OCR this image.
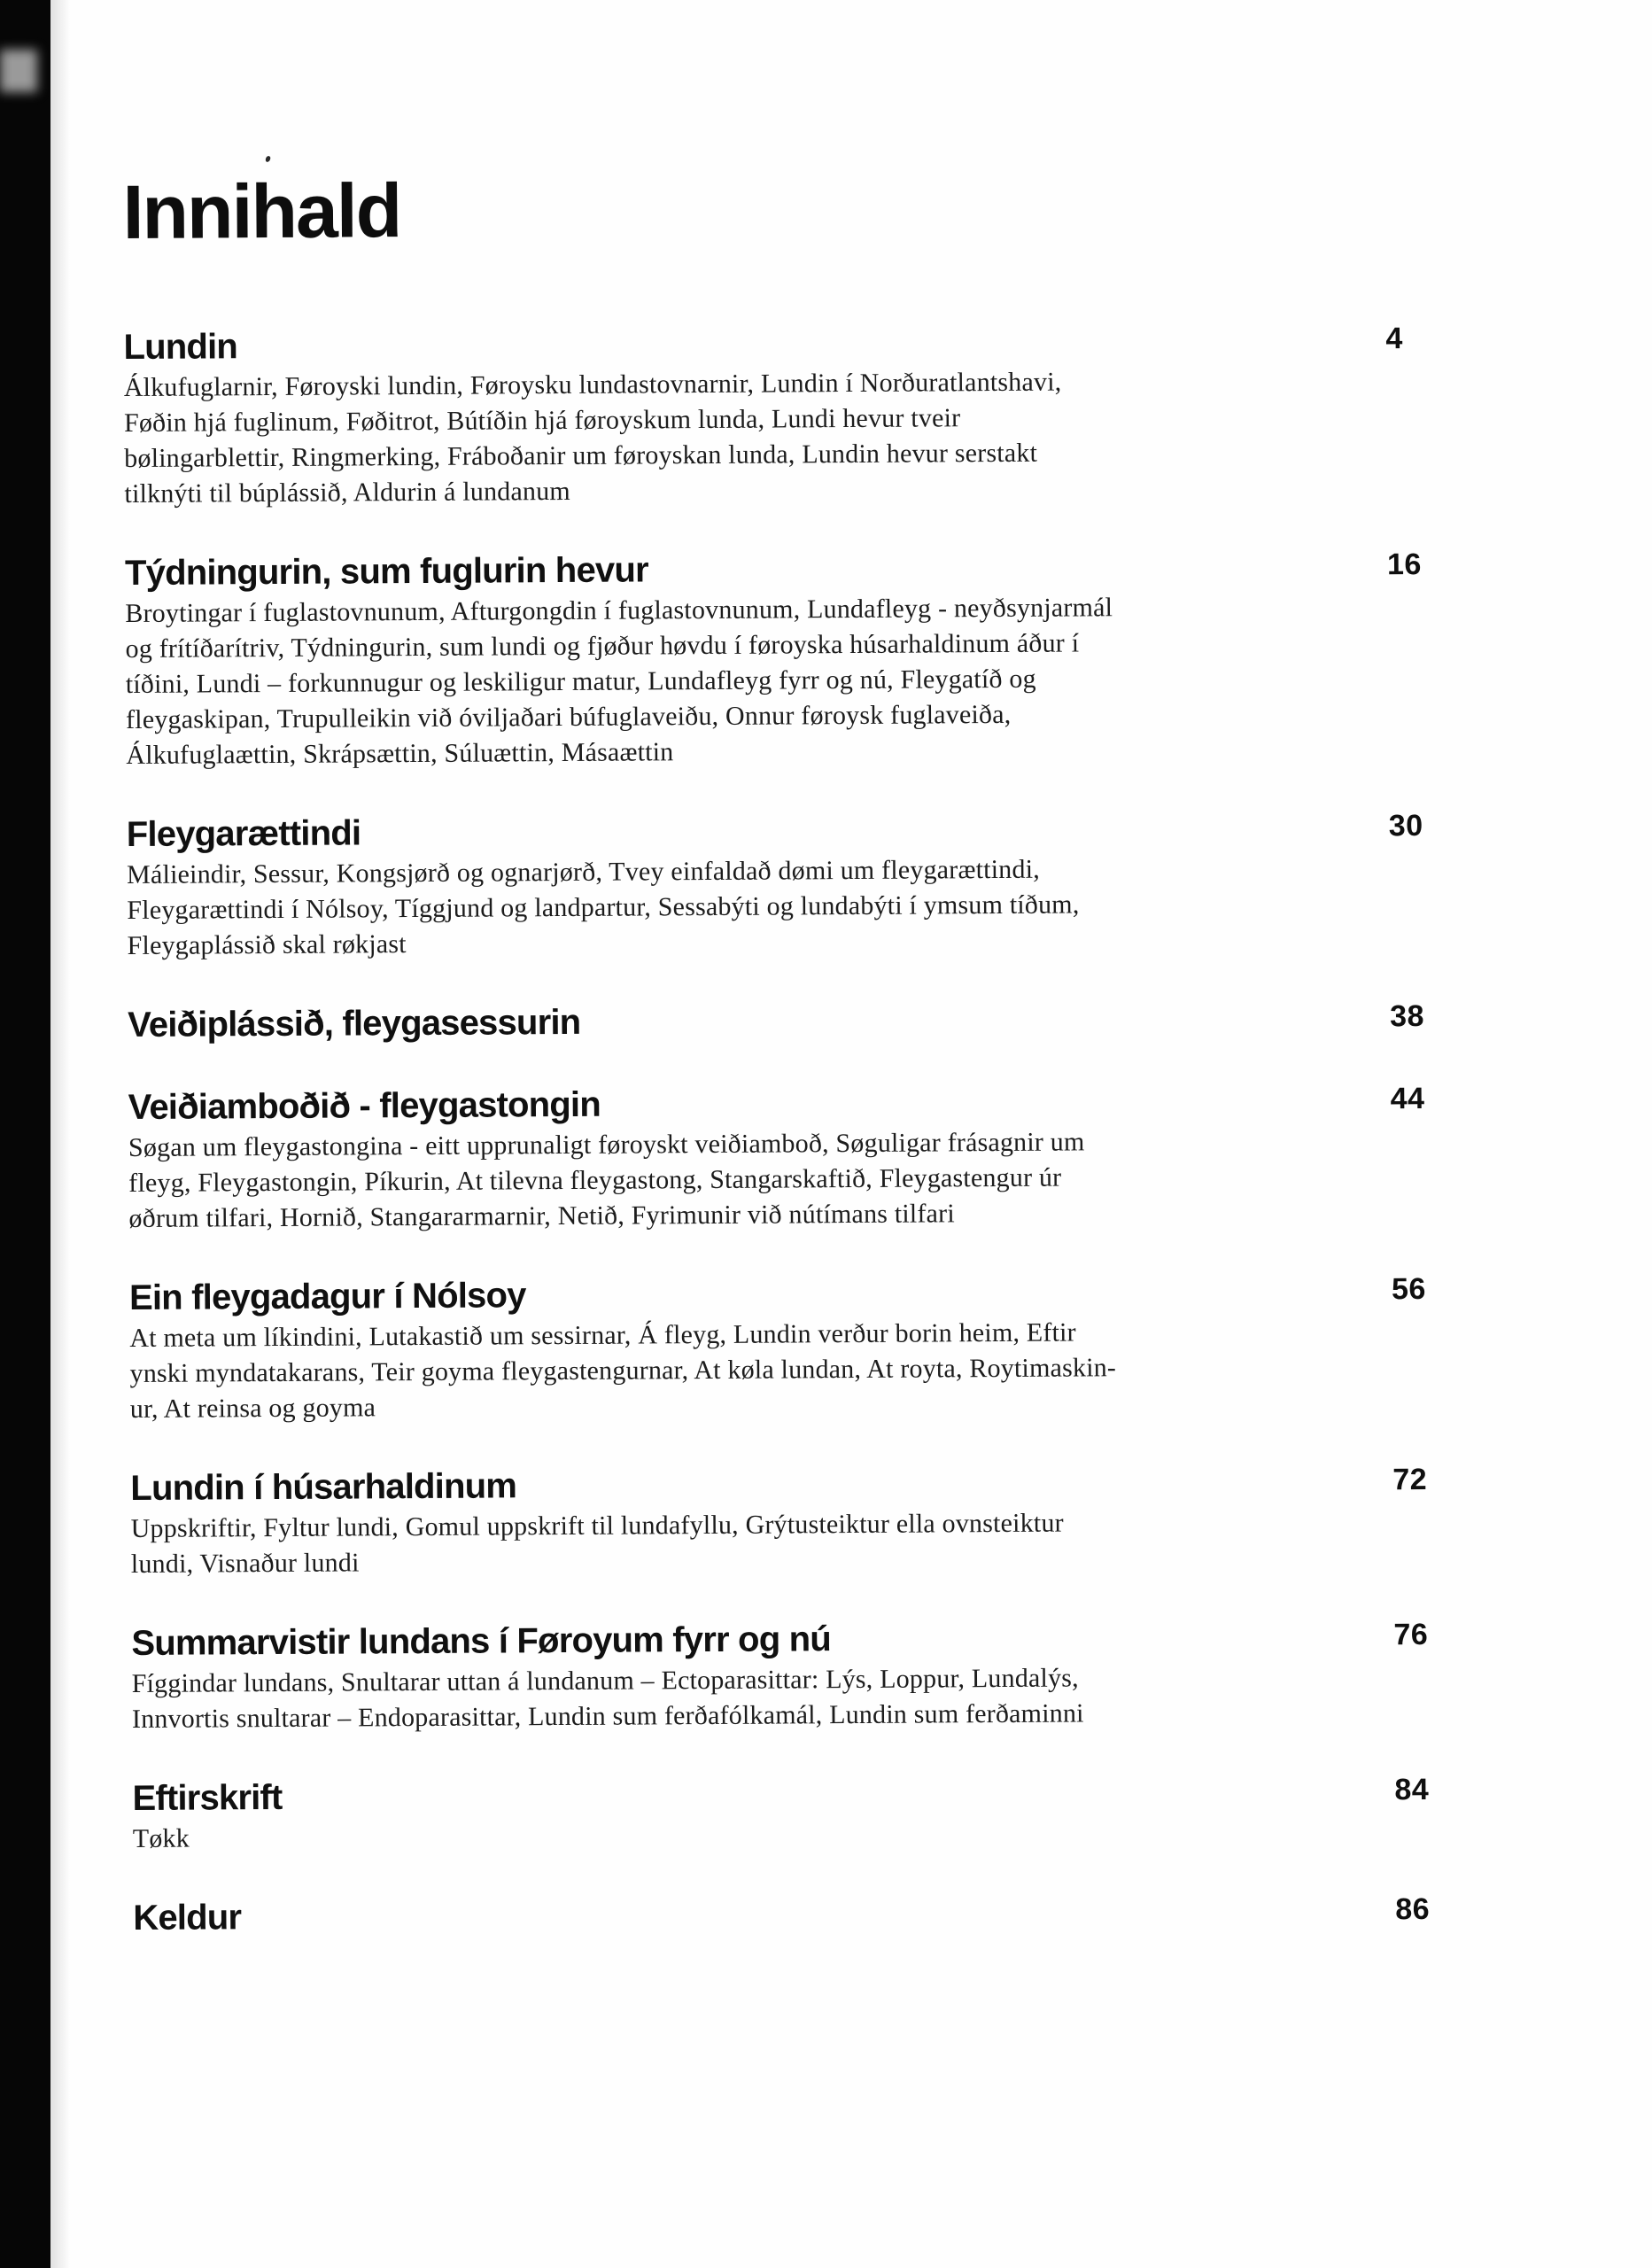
Innihald
Lundin	4

Álkufuglarnir, Føroyski lundin, Føroysku lundastovnarnir, Lundin í Norðuratlantshavi,
Føðin hjá fuglinum, Føðitrot, Bútíðin hjá føroyskum lunda, Lundi hevur tveir
bølingarblettir, Ringmerking, Fráboðanir um føroyskan lunda, Lundin hevur serstakt
tilknýti til búplássið, Aldurin á lundanum

Týdningurin, sum fuglurin hevur	16

Broytingar í fuglastovnunum, Afturgongdin í fuglastovnunum, Lundafleyg - neyðsynjarmál
og frítíðarítriv, Týdningurin, sum lundi og fjøður høvdu í føroyska húsarhaldinum áður í
tíðini, Lundi – forkunnugur og leskiligur matur, Lundafleyg fyrr og nú, Fleygatíð og
fleygaskipan, Trupulleikin við óviljaðari búfuglaveiðu, Onnur føroysk fuglaveiða,
Álkufuglaættin, Skrápsættin, Súluættin, Másaættin

Fleygarættindi	30

Málieindir, Sessur, Kongsjørð og ognarjørð, Tvey einfaldað dømi um fleygarættindi,
Fleygarættindi í Nólsoy, Tíggjund og landpartur, Sessabýti og lundabýti í ymsum tíðum,
Fleygaplássið skal røkjast

Veiðiplássið, fleygasessurin	38
Veiðiamboðið - fleygastongin	44

Søgan um fleygastongina - eitt upprunaligt føroyskt veiðiamboð, Søguligar frásagnir um
fleyg, Fleygastongin, Píkurin, At tilevna fleygastong, Stangarskaftið, Fleygastengur úr
øðrum tilfari, Hornið, Stangararmarnir, Netið, Fyrimunir við nútímans tilfari

Ein fleygadagur í Nólsoy	56

At meta um líkindini, Lutakastið um sessirnar, Á fleyg, Lundin verður borin heim, Eftir
ynski myndatakarans, Teir goyma fleygastengurnar, At køla lundan, At royta, Roytimaskin-
ur, At reinsa og goyma

Lundin í húsarhaldinum	72

Uppskriftir, Fyltur lundi, Gomul uppskrift til lundafyllu, Grýtusteiktur ella ovnsteiktur
lundi, Visnaður lundi

Summarvistir lundans í Føroyum fyrr og nú	76

Fíggindar lundans, Snultarar uttan á lundanum – Ectoparasittar: Lýs, Loppur, Lundalýs,
Innvortis snultarar – Endoparasittar, Lundin sum ferðafólkamál, Lundin sum ferðaminni

Eftirskrift	84

Tøkk

Keldur	86
